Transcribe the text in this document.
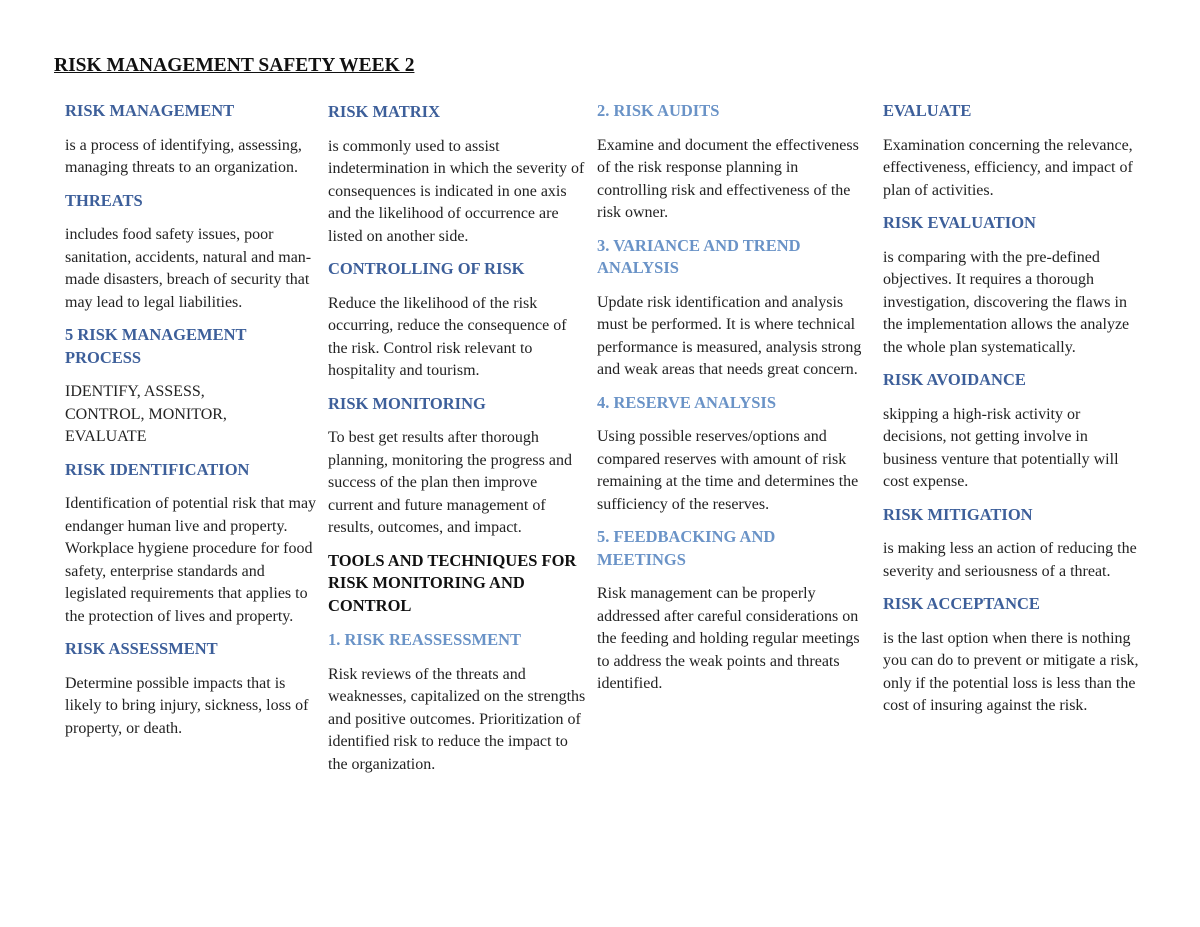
RISK MANAGEMENT SAFETY WEEK 2
RISK MANAGEMENT
is a process of identifying, assessing, managing threats to an organization.
THREATS
includes food safety issues, poor sanitation, accidents, natural and man-made disasters, breach of security that may lead to legal liabilities.
5 RISK MANAGEMENT PROCESS
IDENTIFY, ASSESS,
CONTROL, MONITOR,
EVALUATE
RISK IDENTIFICATION
Identification of potential risk that may endanger human live and property. Workplace hygiene procedure for food safety, enterprise standards and legislated requirements that applies to the protection of lives and property.
RISK ASSESSMENT
Determine possible impacts that is likely to bring injury, sickness, loss of property, or death.
RISK MATRIX
is commonly used to assist indetermination in which the severity of consequences is indicated in one axis and the likelihood of occurrence are listed on another side.
CONTROLLING OF RISK
Reduce the likelihood of the risk occurring, reduce the consequence of the risk. Control risk relevant to hospitality and tourism.
RISK MONITORING
To best get results after thorough planning, monitoring the progress and success of the plan then improve current and future management of results, outcomes, and impact.
TOOLS AND TECHNIQUES FOR RISK MONITORING AND CONTROL
1. RISK REASSESSMENT
Risk reviews of the threats and weaknesses, capitalized on the strengths and positive outcomes. Prioritization of identified risk to reduce the impact to the organization.
2. RISK AUDITS
Examine and document the effectiveness of the risk response planning in controlling risk and effectiveness of the risk owner.
3. VARIANCE AND TREND ANALYSIS
Update risk identification and analysis must be performed. It is where technical performance is measured, analysis strong and weak areas that needs great concern.
4. RESERVE ANALYSIS
Using possible reserves/options and compared reserves with amount of risk remaining at the time and determines the sufficiency of the reserves.
5. FEEDBACKING AND MEETINGS
Risk management can be properly addressed after careful considerations on the feeding and holding regular meetings to address the weak points and threats identified.
EVALUATE
Examination concerning the relevance, effectiveness, efficiency, and impact of plan of activities.
RISK EVALUATION
is comparing with the pre-defined objectives. It requires a thorough investigation, discovering the flaws in the implementation allows the analyze the whole plan systematically.
RISK AVOIDANCE
skipping a high-risk activity or decisions, not getting involve in business venture that potentially will cost expense.
RISK MITIGATION
is making less an action of reducing the severity and seriousness of a threat.
RISK ACCEPTANCE
is the last option when there is nothing you can do to prevent or mitigate a risk, only if the potential loss is less than the cost of insuring against the risk.
